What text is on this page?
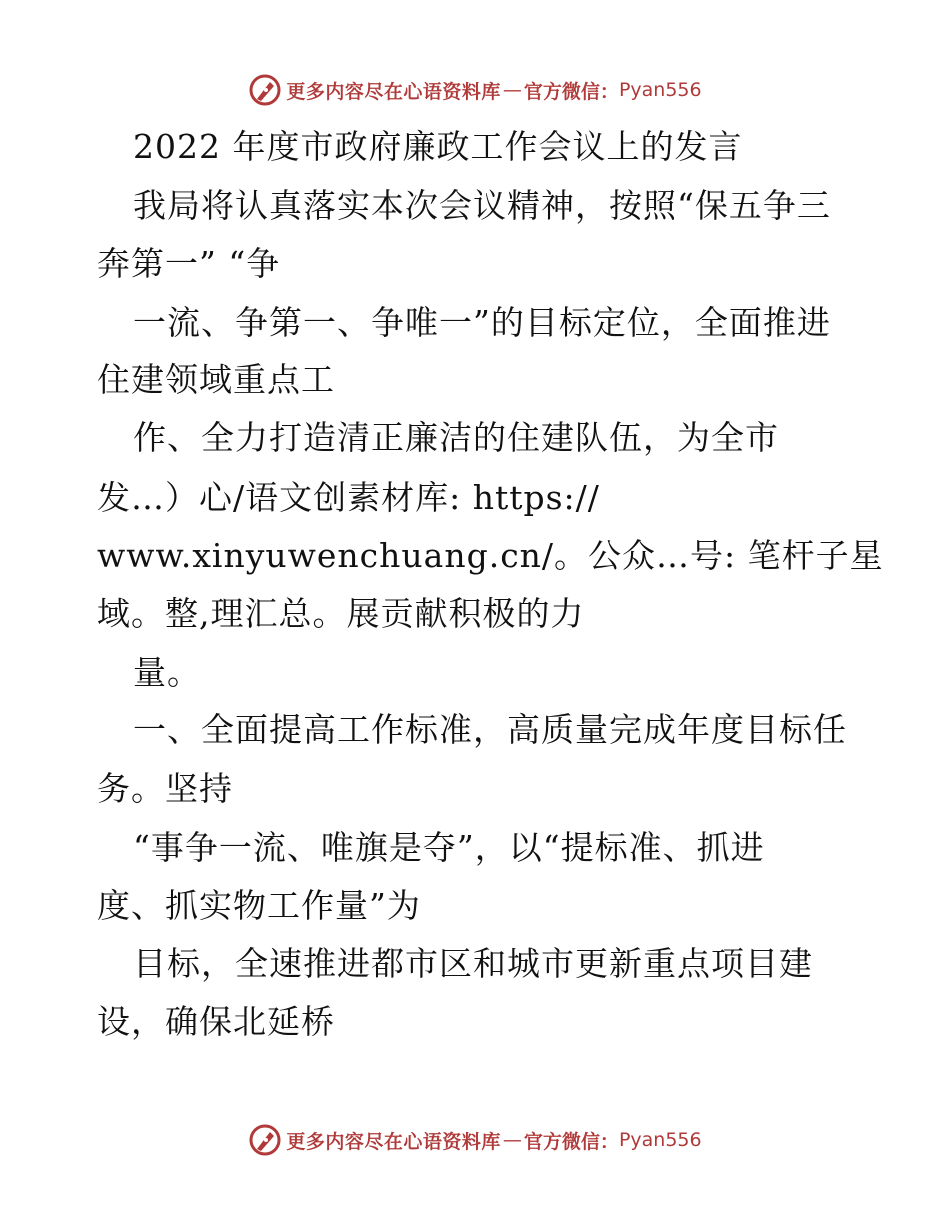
更多内容尽在心语资料库 — 官方微信： Pyan556
2022 年度市政府廉政工作会议上的发言
我局将认真落实本次会议精神，按照“保五争三
奔第一” “争
一流、争第一、争唯一”的目标定位，全面推进
住建领域重点工
作、全力打造清正廉洁的住建队伍，为全市
发…）心/语文创素材库: https://
www.xinyuwenchuang.cn/。公众…号: 笔杆子星
域。整,理汇总。展贡献积极的力
量。
一、全面提高工作标准，高质量完成年度目标任
务。坚持
“事争一流、唯旗是夺”，以“提标准、抓进
度、抓实物工作量”为
目标，全速推进都市区和城市更新重点项目建
设，确保北延桥
更多内容尽在心语资料库 — 官方微信： Pyan556
